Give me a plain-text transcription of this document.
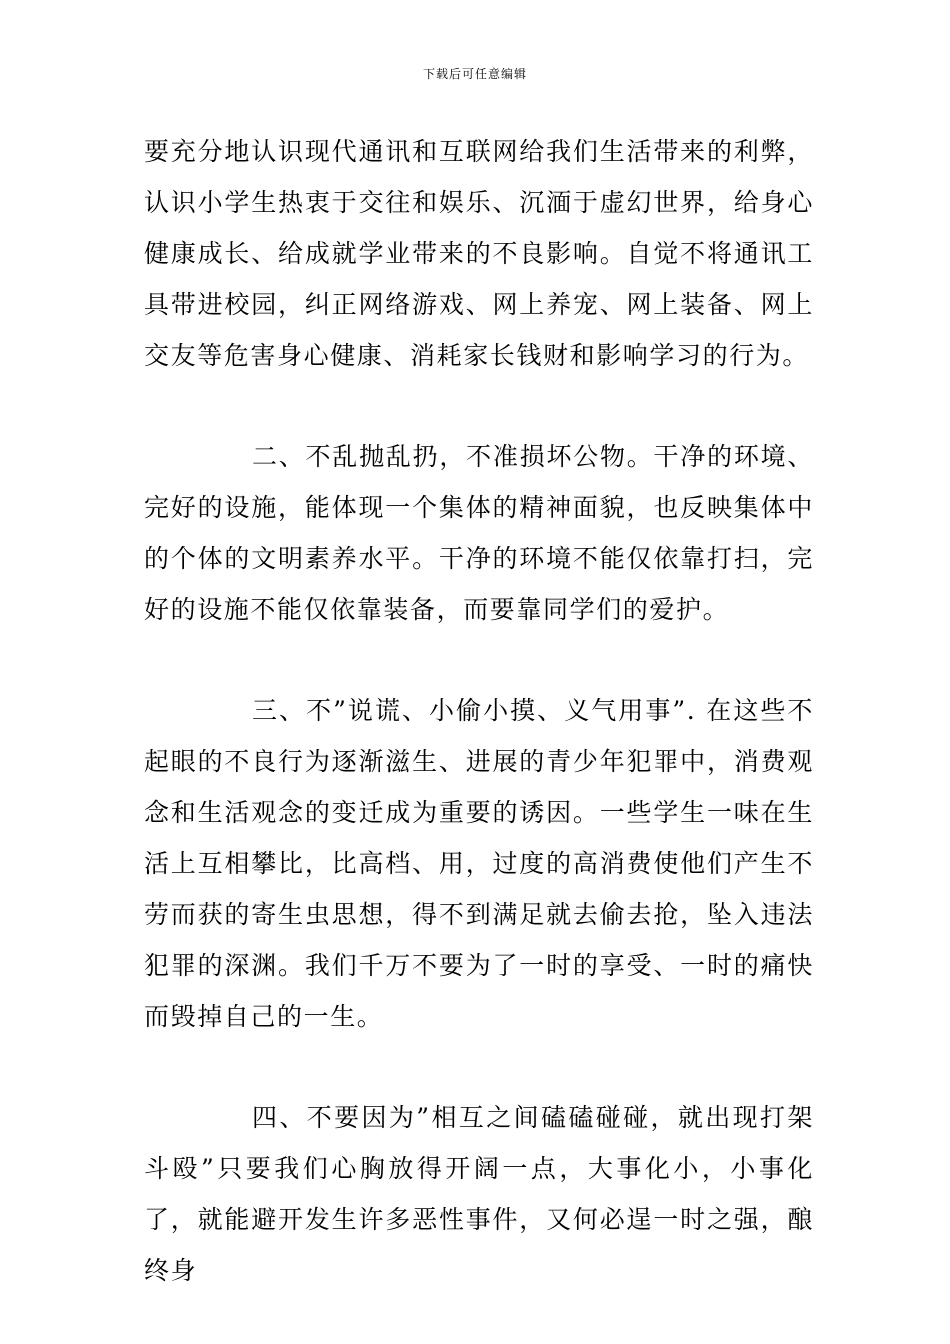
下载后可任意编辑

要充分地认识现代通讯和互联网给我们生活带来的利弊，认识小学生热衷于交往和娱乐、沉湎于虚幻世界，给身心健康成长、给成就学业带来的不良影响。自觉不将通讯工具带进校园，纠正网络游戏、网上养宠、网上装备、网上交友等危害身心健康、消耗家长钱财和影响学习的行为。

二、不乱抛乱扔，不准损坏公物。干净的环境、完好的设施，能体现一个集体的精神面貌，也反映集体中的个体的文明素养水平。干净的环境不能仅依靠打扫，完好的设施不能仅依靠装备，而要靠同学们的爱护。

三、不”说谎、小偷小摸、义气用事”. 在这些不起眼的不良行为逐渐滋生、进展的青少年犯罪中，消费观念和生活观念的变迁成为重要的诱因。一些学生一味在生活上互相攀比，比高档、用，过度的高消费使他们产生不劳而获的寄生虫思想，得不到满足就去偷去抢，坠入违法犯罪的深渊。我们千万不要为了一时的享受、一时的痛快而毁掉自己的一生。

四、不要因为”相互之间磕磕碰碰，就出现打架斗殴”只要我们心胸放得开阔一点，大事化小，小事化了，就能避开发生许多恶性事件，又何必逞一时之强，酿终身
